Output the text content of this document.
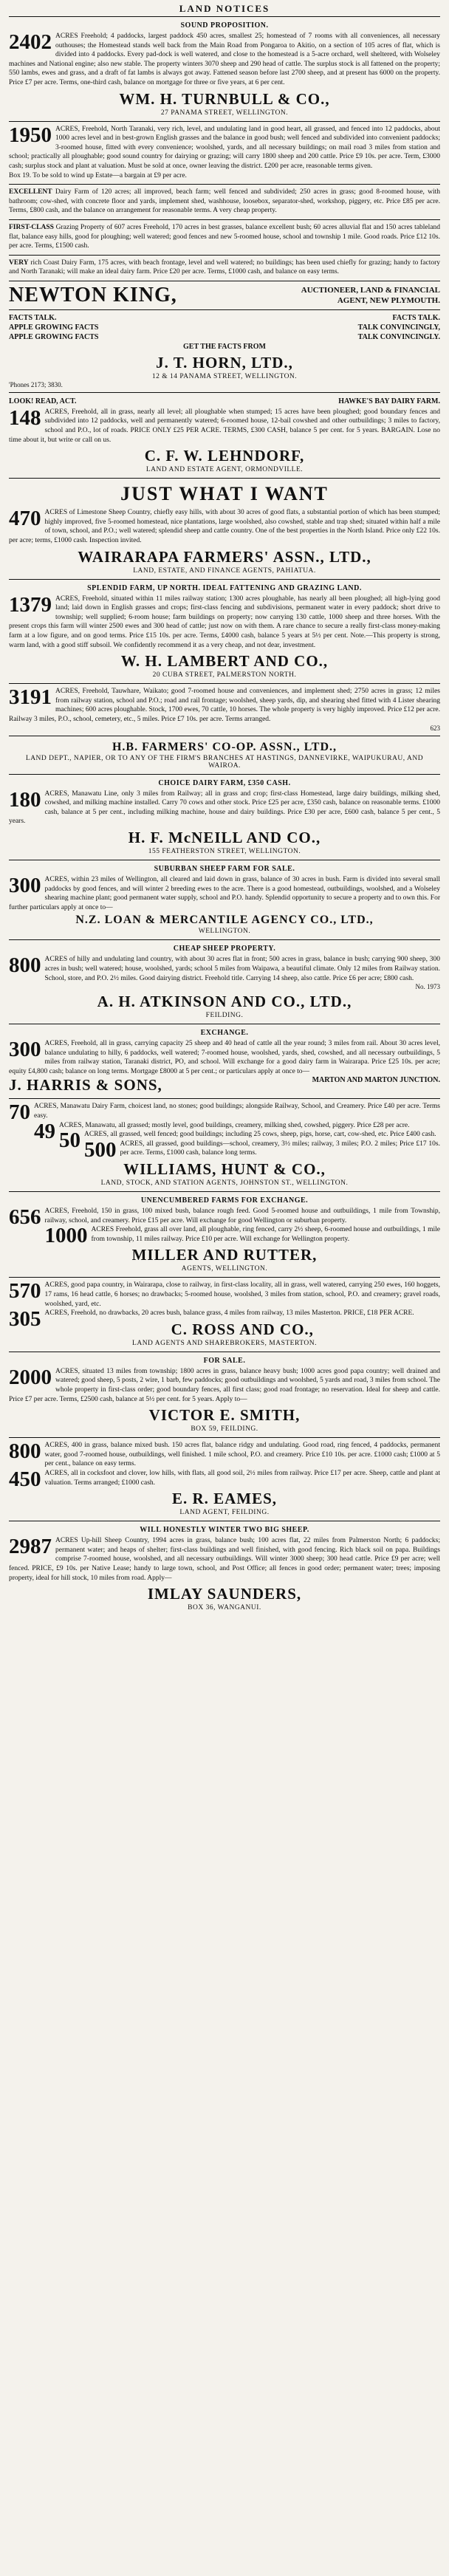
LAND NOTICES
SOUND PROPOSITION.

2402 ACRES Freehold; 4 paddocks, largest paddock 450 acres, smallest 25; homestead of 7 rooms with all conveniences, all necessary outhouses; the Homestead stands well back from the Main Road from Pongaroa to Akitio, on a section of 105 acres of flat, which is divided into 4 paddocks. Every pad-dock is well watered, and close to the homestead is a 5-acre orchard, well sheltered, with Wolseley machines and National engine; also new stable. The property winters 3070 sheep and 290 head of cattle. The surplus stock is all fattened on the property; 550 lambs, ewes and grass, and a draft of fat lambs is always got away. Fattened season before last 2700 sheep, and at present has 6000 on the property. Price £7 per acre. Terms, one-third cash, balance on mortgage for three or five years, at 6 per cent.

WM. H. TURNBULL & CO.,
27 PANAMA STREET, WELLINGTON.

1950 ACRES, Freehold, North Taranaki, very rich, level, and undulating land in good heart, all grassed, and fenced into 12 paddocks, about 1000 acres level and in best-grown English grasses and the balance in good bush; well fenced and subdivided into convenient paddocks; 3-roomed house, fitted with every convenience; woolshed, yards, and all necessary buildings; on mail road 3 miles from station and school; practically all ploughable; good sound country for dairying or grazing; will carry 1800 sheep and 200 cattle. Price £9 10s. per acre. Term, £3000 cash; surplus stock and plant at valuation. Must be sold at once, owner leaving the district. £200 per acre, reasonable terms given.

Box 19. To be sold to wind up Estate—a bargain at £9 per acre.

EXCELLENT Dairy Farm of 120 acres; all improved, beach farm; well fenced and subdivided; 250 acres in grass; good 8-roomed house, with bathroom; cow-shed, with concrete floor and yards, implement shed, washhouse, loosebox, separator-shed, workshop, piggery, etc. Price £85 per acre. Terms, £800 cash, and the balance on arrangement for reasonable terms. A very cheap property.

FIRST-CLASS Grazing Property of 607 acres Freehold, 170 acres in best grasses, balance excellent bush; 60 acres alluvial flat and 150 acres tableland flat, balance easy hills, good for ploughing; well watered; good fences and new 5-roomed house, school and township 1 mile. Good roads. Price £12 10s. per acre. Terms, £1500 cash.

VERY rich Coast Dairy Farm, 175 acres, with beach frontage, level and well watered; no buildings; has been used chiefly for grazing; handy to factory and North Taranaki; will make an ideal dairy farm. Price £20 per acre. Terms, £1000 cash, and balance on easy terms.

NEWTON KING,	AUCTIONEER, LAND & FINANCIAL
AGENT, NEW PLYMOUTH.
FACTS TALK.	FACTS TALK.
APPLE GROWING FACTS	TALK CONVINCINGLY,
APPLE GROWING FACTS	TALK CONVINCINGLY.
GET THE FACTS FROM
J. T. HORN, LTD.,
12 & 14 PANAMA STREET, WELLINGTON.
'Phones 2173; 3830.
LOOK! READ, ACT.	HAWKE'S BAY DAIRY FARM.

148 ACRES, Freehold, all in grass, nearly all level; all ploughable when stumped; 15 acres have been ploughed; good boundary fences and subdivided into 12 paddocks, well and permanently watered; 6-roomed house, 12-bail cowshed and other outbuildings; 3 miles to factory, school and P.O., lot of roads. PRICE ONLY £25 PER ACRE. TERMS, £300 CASH, balance 5 per cent. for 5 years. BARGAIN. Lose no time about it, but write or call on us.

C. F. W. LEHNDORF,
LAND AND ESTATE AGENT, ORMONDVILLE.
JUST WHAT I WANT

470 ACRES of Limestone Sheep Country, chiefly easy hills, with about 30 acres of good flats, a substantial portion of which has been stumped; highly improved, five 5-roomed homestead, nice plantations, large woolshed, also cowshed, stable and trap shed; situated within half a mile of town, school, and P.O.; well watered; splendid sheep and cattle country. One of the best properties in the North Island. Price only £22 10s. per acre; terms, £1000 cash. Inspection invited.

WAIRARAPA FARMERS' ASSN., LTD.,
LAND, ESTATE, AND FINANCE AGENTS, PAHIATUA.
SPLENDID FARM, UP NORTH. IDEAL FATTENING AND GRAZING LAND.

1379 ACRES, Freehold, situated within 11 miles railway station; 1300 acres ploughable, has nearly all been ploughed; all high-lying good land; laid down in English grasses and crops; first-class fencing and subdivisions, permanent water in every paddock; short drive to township; well supplied; 6-room house; farm buildings on property; now carrying 130 cattle, 1000 sheep and three horses. With the present crops this farm will winter 2500 ewes and 300 head of cattle; just now on with them. A rare chance to secure a really first-class money-making farm at a low figure, and on good terms. Price £15 10s. per acre. Terms, £4000 cash, balance 5 years at 5½ per cent. Note.—This property is strong, warm land, with a good stiff subsoil. We confidently recommend it as a very cheap, and not dear, investment.

W. H. LAMBERT AND CO.,
20 CUBA STREET, PALMERSTON NORTH.

3191 ACRES, Freehold, Tauwhare, Waikato; good 7-roomed house and conveniences, and implement shed; 2750 acres in grass; 12 miles from railway station, school and P.O.; road and rail frontage; woolshed, sheep yards, dip, and shearing shed fitted with 4 Lister shearing machines; 600 acres ploughable. Stock, 1700 ewes, 70 cattle, 10 horses. The whole property is very highly improved. Price £12 per acre. Railway 3 miles, P.O., school, cemetery, etc., 5 miles. Price £7 10s. per acre. Terms arranged.

623
H.B. FARMERS' CO-OP. ASSN., LTD.,
LAND DEPT., NAPIER, OR TO ANY OF THE FIRM'S BRANCHES AT HASTINGS, DANNEVIRKE, WAIPUKURAU, AND WAIROA.
CHOICE DAIRY FARM, £350 CASH.

180 ACRES, Manawatu Line, only 3 miles from Railway; all in grass and crop; first-class Homestead, large dairy buildings, milking shed, cowshed, and milking machine installed. Carry 70 cows and other stock. Price £25 per acre, £350 cash, balance on reasonable terms. £1000 cash, balance at 5 per cent., including milking machine, house and dairy buildings. Price £30 per acre, £600 cash, balance 5 per cent., 5 years.

H. F. McNEILL AND CO.,
155 FEATHERSTON STREET, WELLINGTON.
SUBURBAN SHEEP FARM FOR SALE.

300 ACRES, within 23 miles of Wellington, all cleared and laid down in grass, balance of 30 acres in bush. Farm is divided into several small paddocks by good fences, and will winter 2 breeding ewes to the acre. There is a good homestead, outbuildings, woolshed, and a Wolseley shearing machine plant; good permanent water supply, school and P.O. handy. Splendid opportunity to secure a property and to own this. For further particulars apply at once to—

N.Z. LOAN & MERCANTILE AGENCY CO., LTD.,
WELLINGTON.
CHEAP SHEEP PROPERTY.

800 ACRES of hilly and undulating land country, with about 30 acres flat in front; 500 acres in grass, balance in bush; carrying 900 sheep, 300 acres in bush; well watered; house, woolshed, yards; school 5 miles from Waipawa, a beautiful climate. Only 12 miles from Railway station. School, store, and P.O. 2½ miles. Good dairying district. Freehold title. Carrying 14 sheep, also cattle. Price £6 per acre; £800 cash.

No. 1973
A. H. ATKINSON AND CO., LTD.,
FEILDING.
EXCHANGE.

300 ACRES, Freehold, all in grass, carrying capacity 25 sheep and 40 head of cattle all the year round; 3 miles from rail. About 30 acres level, balance undulating to hilly, 6 paddocks, well watered; 7-roomed house, woolshed, yards, shed, cowshed, and all necessary outbuildings, 5 miles from railway station, Taranaki district, PO, and school. Will exchange for a good dairy farm in Wairarapa. Price £25 10s. per acre; equity £4,800 cash; balance on long terms. Mortgage £8000 at 5 per cent.; or particulars apply at once to—

J. HARRIS & SONS,	MARTON AND MARTON JUNCTION.

70 ACRES, Manawatu Dairy Farm, choicest land, no stones; good buildings; alongside Railway, School, and Creamery. Price £40 per acre. Terms easy.

49 ACRES, Manawatu, all grassed; mostly level, good buildings, creamery, milking shed, cowshed, piggery. Price £28 per acre.

50 ACRES, all grassed, well fenced; good buildings; including 25 cows, sheep, pigs, horse, cart, cow-shed, etc. Price £400 cash.

500 ACRES, all grassed, good buildings—school, creamery, 3½ miles; railway, 3 miles; P.O. 2 miles; Price £17 10s. per acre. Terms, £1000 cash, balance long terms.

WILLIAMS, HUNT & CO.,
LAND, STOCK, AND STATION AGENTS, JOHNSTON ST., WELLINGTON.
UNENCUMBERED FARMS FOR EXCHANGE.

656 ACRES, Freehold, 150 in grass, 100 mixed bush, balance rough feed. Good 5-roomed house and outbuildings, 1 mile from Township, railway, school, and creamery. Price £15 per acre. Will exchange for good Wellington or suburban property.

1000 ACRES Freehold, grass all over land, all ploughable, ring fenced, carry 2½ sheep, 6-roomed house and outbuildings, 1 mile from township, 11 miles railway. Price £10 per acre. Will exchange for Wellington property.

MILLER AND RUTTER,
AGENTS, WELLINGTON.

570 ACRES, good papa country, in Wairarapa, close to railway, in first-class locality, all in grass, well watered, carrying 250 ewes, 160 hoggets, 17 rams, 16 head cattle, 6 horses; no drawbacks; 5-roomed house, woolshed, 3 miles from station, school, P.O. and creamery; gravel roads, woolshed, yard, etc.

305 ACRES, Freehold, no drawbacks, 20 acres bush, balance grass, 4 miles from railway, 13 miles Masterton. PRICE, £18 PER ACRE.

C. ROSS AND CO.,
LAND AGENTS AND SHAREBROKERS, MASTERTON.
FOR SALE.

2000 ACRES, situated 13 miles from township; 1800 acres in grass, balance heavy bush; 1000 acres good papa country; well drained and watered; good sheep, 5 posts, 2 wire, 1 barb, few paddocks; good outbuildings and woolshed, 5 yards and road, 3 miles from school. The whole property in first-class order; good boundary fences, all first class; good road frontage; no reservation. Ideal for sheep and cattle. Price £7 per acre. Terms, £2500 cash, balance at 5½ per cent. for 5 years. Apply to—

VICTOR E. SMITH,
BOX 59, FEILDING.

800 ACRES, 400 in grass, balance mixed bush. 150 acres flat, balance ridgy and undulating. Good road, ring fenced, 4 paddocks, permanent water, good 7-roomed house, outbuildings, well finished. 1 mile school, P.O. and creamery. Price £10 10s. per acre. £1000 cash; £1000 at 5 per cent., balance on easy terms.

450 ACRES, all in cocksfoot and clover, low hills, with flats, all good soil, 2½ miles from railway. Price £17 per acre. Sheep, cattle and plant at valuation. Terms arranged; £1000 cash.

E. R. EAMES,
LAND AGENT, FEILDING.
WILL HONESTLY WINTER TWO BIG SHEEP.

2987 ACRES Up-hill Sheep Country, 1994 acres in grass, balance bush; 100 acres flat, 22 miles from Palmerston North; 6 paddocks; permanent water; and heaps of shelter; first-class buildings and well finished, with good fencing. Rich black soil on papa. Buildings comprise 7-roomed house, woolshed, and all necessary outbuildings. Will winter 3000 sheep; 300 head cattle. Price £9 per acre; well fenced. PRICE, £9 10s. per Native Lease; handy to large town, school, and Post Office; all fences in good order; permanent water; trees; imposing property, ideal for hill stock, 10 miles from road. Apply—

IMLAY SAUNDERS,
BOX 36, WANGANUI.
